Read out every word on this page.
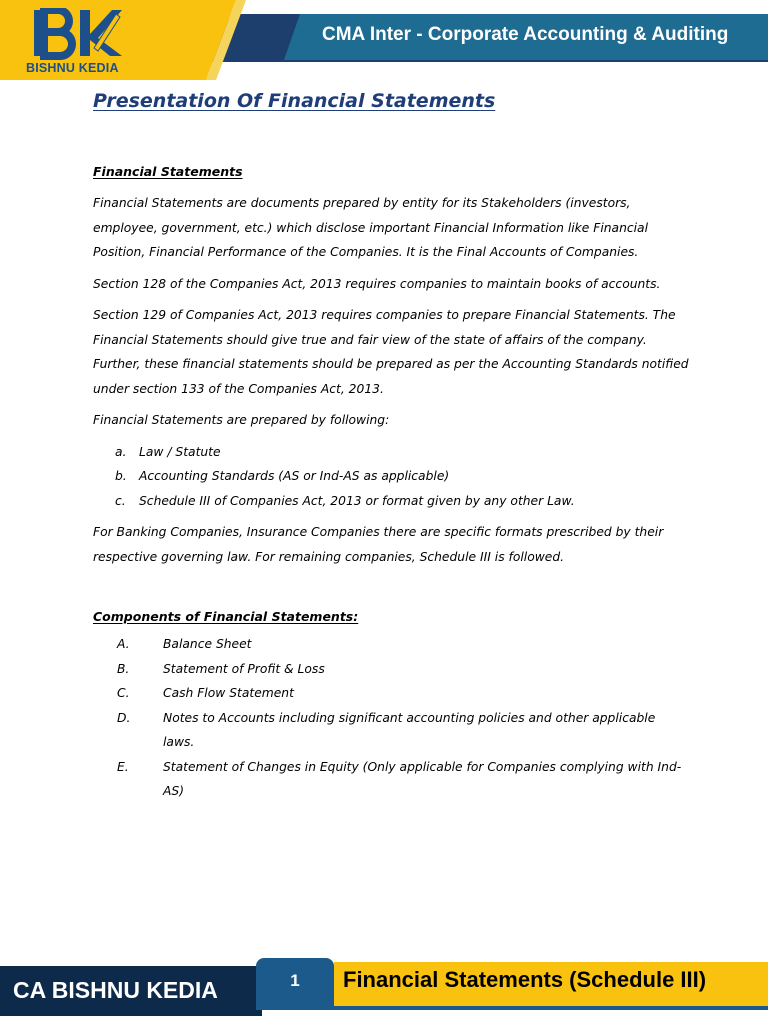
BISHNU KEDIA
CMA Inter - Corporate Accounting & Auditing
Presentation Of Financial Statements
Financial Statements

Financial Statements are documents prepared by entity for its Stakeholders (investors, employee, government, etc.) which disclose important Financial Information like Financial Position, Financial Performance of the Companies. It is the Final Accounts of Companies.

Section 128 of the Companies Act, 2013 requires companies to maintain books of accounts.

Section 129 of Companies Act, 2013 requires companies to prepare Financial Statements. The Financial Statements should give true and fair view of the state of affairs of the company. Further, these financial statements should be prepared as per the Accounting Standards notified under section 133 of the Companies Act, 2013.

Financial Statements are prepared by following:

a. Law / Statute
b. Accounting Standards (AS or Ind-AS as applicable)
c. Schedule III of Companies Act, 2013 or format given by any other Law.

For Banking Companies, Insurance Companies there are specific formats prescribed by their respective governing law. For remaining companies, Schedule III is followed.

Components of Financial Statements:
A.	Balance Sheet
B.	Statement of Profit & Loss
C.	Cash Flow Statement
D.	Notes to Accounts including significant accounting policies and other applicable laws.
E.	Statement of Changes in Equity (Only applicable for Companies complying with Ind-AS)
CA BISHNU KEDIA	1	Financial Statements (Schedule III)
